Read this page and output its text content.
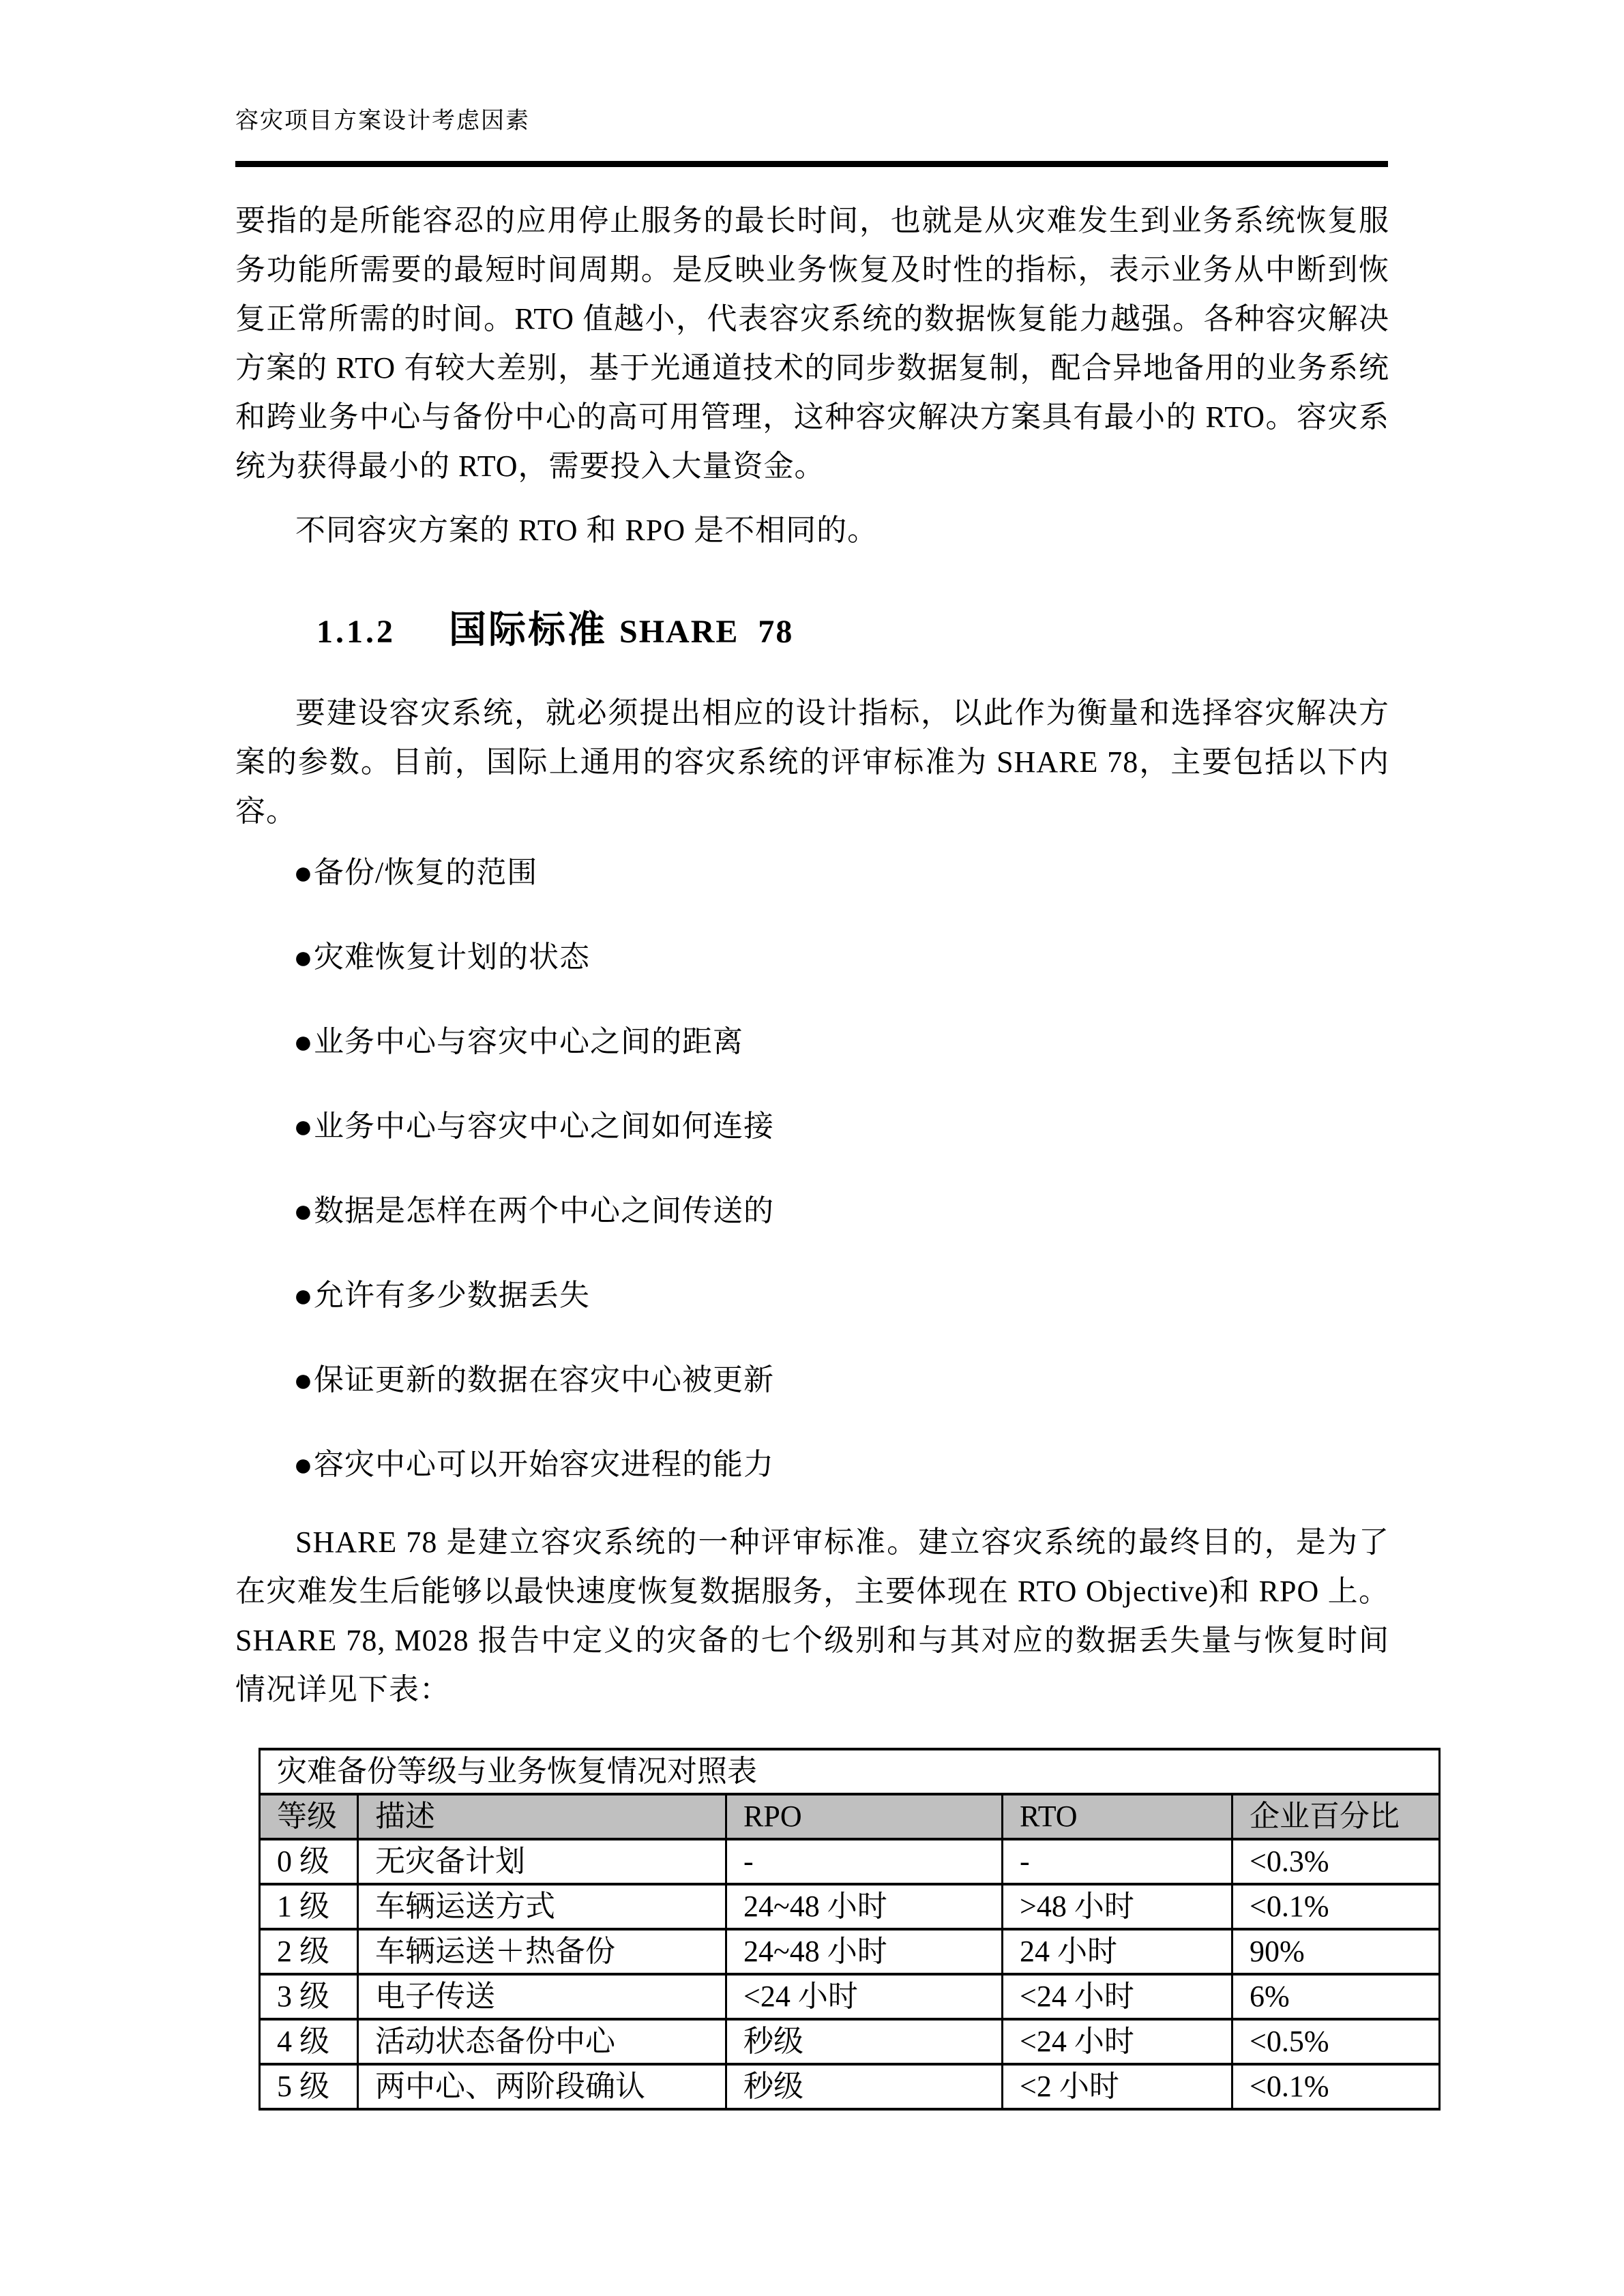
容灾项目方案设计考虑因素

要指的是所能容忍的应用停止服务的最长时间，也就是从灾难发生到业务系统恢复服务功能所需要的最短时间周期。是反映业务恢复及时性的指标，表示业务从中断到恢复正常所需的时间。RTO 值越小，代表容灾系统的数据恢复能力越强。各种容灾解决方案的 RTO 有较大差别，基于光通道技术的同步数据复制，配合异地备用的业务系统和跨业务中心与备份中心的高可用管理，这种容灾解决方案具有最小的 RTO。容灾系统为获得最小的 RTO，需要投入大量资金。

不同容灾方案的 RTO 和 RPO 是不相同的。

1.1.2 国际标准 SHARE  78

要建设容灾系统，就必须提出相应的设计指标，以此作为衡量和选择容灾解决方案的参数。目前，国际上通用的容灾系统的评审标准为 SHARE 78，主要包括以下内容。

●备份/恢复的范围
●灾难恢复计划的状态
●业务中心与容灾中心之间的距离
●业务中心与容灾中心之间如何连接
●数据是怎样在两个中心之间传送的
●允许有多少数据丢失
●保证更新的数据在容灾中心被更新
●容灾中心可以开始容灾进程的能力

SHARE 78 是建立容灾系统的一种评审标准。建立容灾系统的最终目的，是为了在灾难发生后能够以最快速度恢复数据服务，主要体现在 RTO Objective)和 RPO 上。SHARE 78, M028 报告中定义的灾备的七个级别和与其对应的数据丢失量与恢复时间情况详见下表：

灾难备份等级与业务恢复情况对照表				
等级	描述	RPO	RTO	企业百分比
0 级	无灾备计划	-	-	<0.3%
1 级	车辆运送方式	24~48 小时	>48 小时	<0.1%
2 级	车辆运送＋热备份	24~48 小时	24 小时	90%
3 级	电子传送	<24 小时	<24 小时	6%
4 级	活动状态备份中心	秒级	<24 小时	<0.5%
5 级	两中心、两阶段确认	秒级	<2 小时	<0.1%
